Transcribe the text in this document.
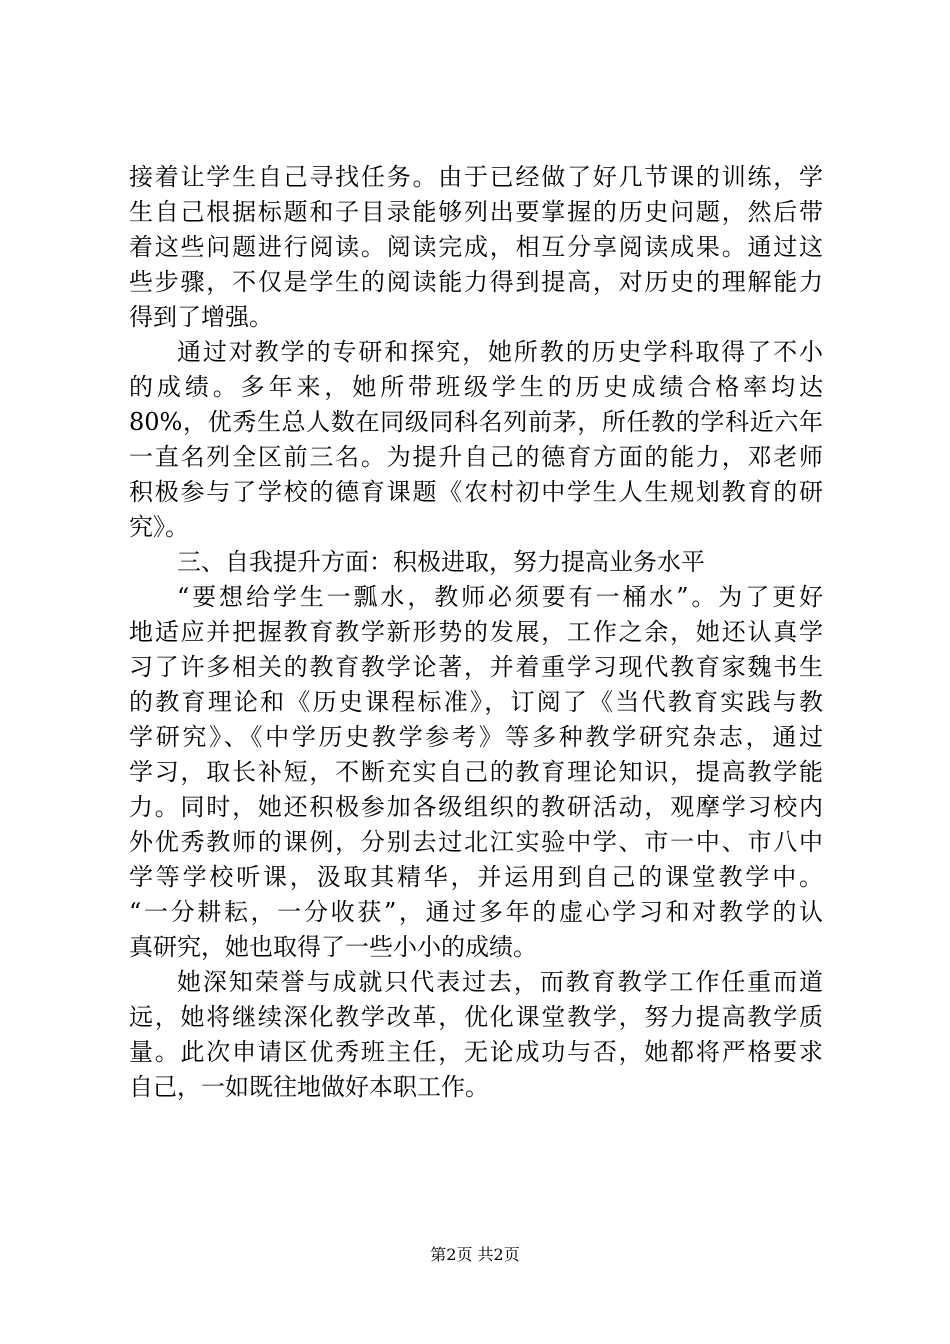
接着让学生自己寻找任务。由于已经做了好几节课的训练，学
生自己根据标题和子目录能够列出要掌握的历史问题，然后带
着这些问题进行阅读。阅读完成，相互分享阅读成果。通过这
些步骤，不仅是学生的阅读能力得到提高，对历史的理解能力
得到了增强。
通过对教学的专研和探究，她所教的历史学科取得了不小
的成绩。多年来，她所带班级学生的历史成绩合格率均达
80%，优秀生总人数在同级同科名列前茅，所任教的学科近六年
一直名列全区前三名。为提升自己的德育方面的能力，邓老师
积极参与了学校的德育课题《农村初中学生人生规划教育的研
究》。
三、自我提升方面：积极进取，努力提高业务水平
“要想给学生一瓢水，教师必须要有一桶水”。为了更好
地适应并把握教育教学新形势的发展，工作之余，她还认真学
习了许多相关的教育教学论著，并着重学习现代教育家魏书生
的教育理论和《历史课程标准》，订阅了《当代教育实践与教
学研究》、《中学历史教学参考》等多种教学研究杂志，通过
学习，取长补短，不断充实自己的教育理论知识，提高教学能
力。同时，她还积极参加各级组织的教研活动，观摩学习校内
外优秀教师的课例，分别去过北江实验中学、市一中、市八中
学等学校听课，汲取其精华，并运用到自己的课堂教学中。
“一分耕耘，一分收获”，通过多年的虚心学习和对教学的认
真研究，她也取得了一些小小的成绩。
她深知荣誉与成就只代表过去，而教育教学工作任重而道
远，她将继续深化教学改革，优化课堂教学，努力提高教学质
量。此次申请区优秀班主任，无论成功与否，她都将严格要求
自己，一如既往地做好本职工作。
第2页 共2页
